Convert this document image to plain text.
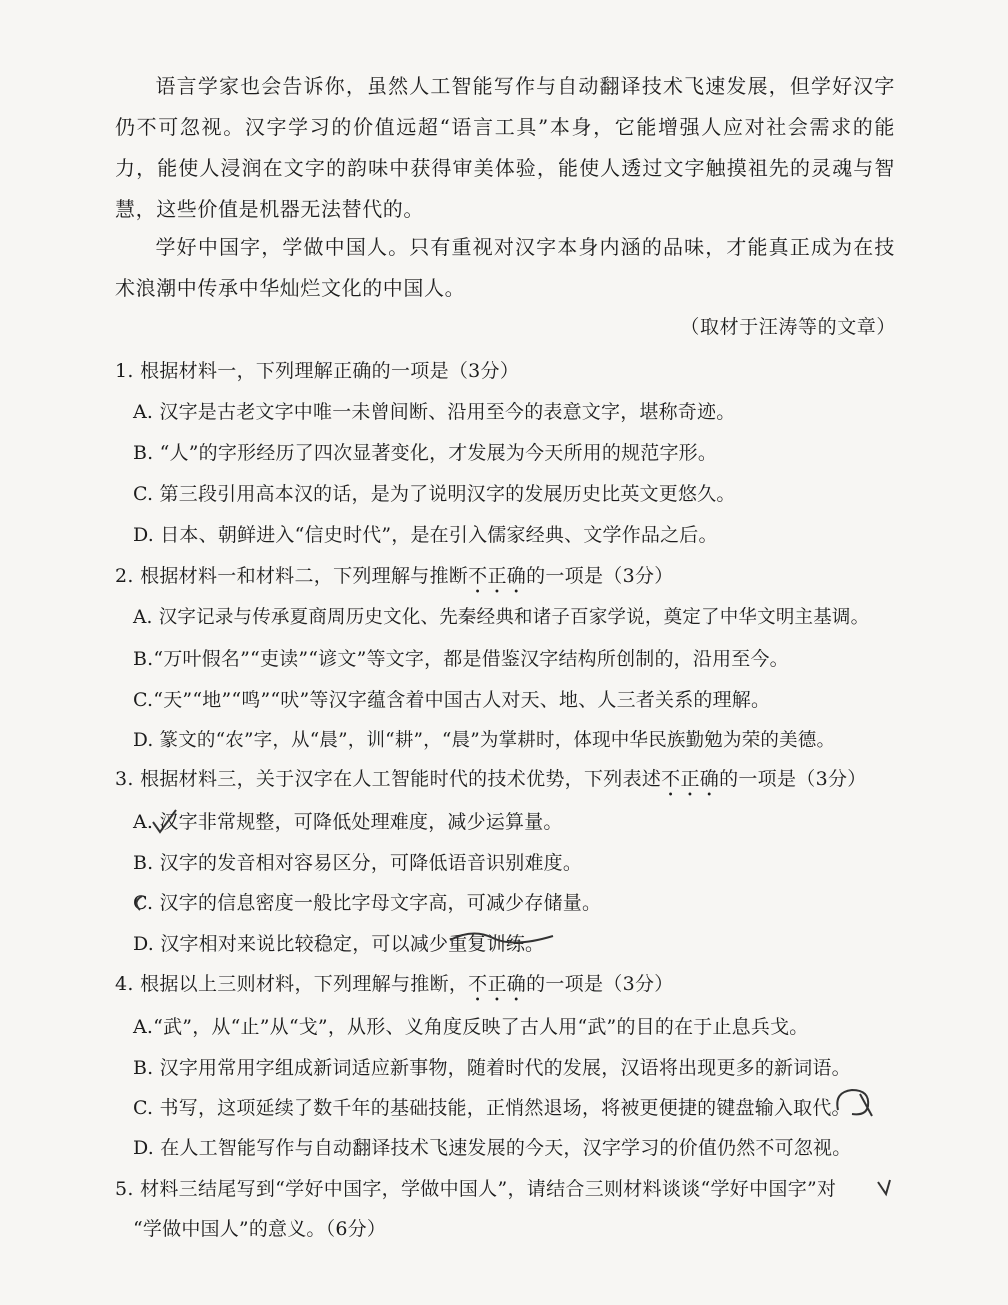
语言学家也会告诉你，虽然人工智能写作与自动翻译技术飞速发展，但学好汉字仍不可忽视。汉字学习的价值远超“语言工具”本身，它能增强人应对社会需求的能力，能使人浸润在文字的韵味中获得审美体验，能使人透过文字触摸祖先的灵魂与智慧，这些价值是机器无法替代的。

学好中国字，学做中国人。只有重视对汉字本身内涵的品味，才能真正成为在技术浪潮中传承中华灿烂文化的中国人。

（取材于汪涛等的文章）
1. 根据材料一，下列理解正确的一项是（3分）
A. 汉字是古老文字中唯一未曾间断、沿用至今的表意文字，堪称奇迹。
B. “人”的字形经历了四次显著变化，才发展为今天所用的规范字形。
C. 第三段引用高本汉的话，是为了说明汉字的发展历史比英文更悠久。
D. 日本、朝鲜进入“信史时代”，是在引入儒家经典、文学作品之后。
2. 根据材料一和材料二，下列理解与推断不正确的一项是（3分）
A. 汉字记录与传承夏商周历史文化、先秦经典和诸子百家学说，奠定了中华文明主基调。
B.“万叶假名”“吏读”“谚文”等文字，都是借鉴汉字结构所创制的，沿用至今。
C.“天”“地”“鸣”“吠”等汉字蕴含着中国古人对天、地、人三者关系的理解。
D. 篆文的“农”字，从“晨”，训“耕”，“晨”为掌耕时，体现中华民族勤勉为荣的美德。
3. 根据材料三，关于汉字在人工智能时代的技术优势，下列表述不正确的一项是（3分）
A. 汉字非常规整，可降低处理难度，减少运算量。
B. 汉字的发音相对容易区分，可降低语音识别难度。
C. 汉字的信息密度一般比字母文字高，可减少存储量。
D. 汉字相对来说比较稳定，可以减少重复训练。
4. 根据以上三则材料，下列理解与推断，不正确的一项是（3分）
A.“武”，从“止”从“戈”，从形、义角度反映了古人用“武”的目的在于止息兵戈。
B. 汉字用常用字组成新词适应新事物，随着时代的发展，汉语将出现更多的新词语。
C. 书写，这项延续了数千年的基础技能，正悄然退场，将被更便捷的键盘输入取代。
D. 在人工智能写作与自动翻译技术飞速发展的今天，汉字学习的价值仍然不可忽视。
5. 材料三结尾写到“学好中国字，学做中国人”，请结合三则材料谈谈“学好中国字”对
“学做中国人”的意义。（6分）
